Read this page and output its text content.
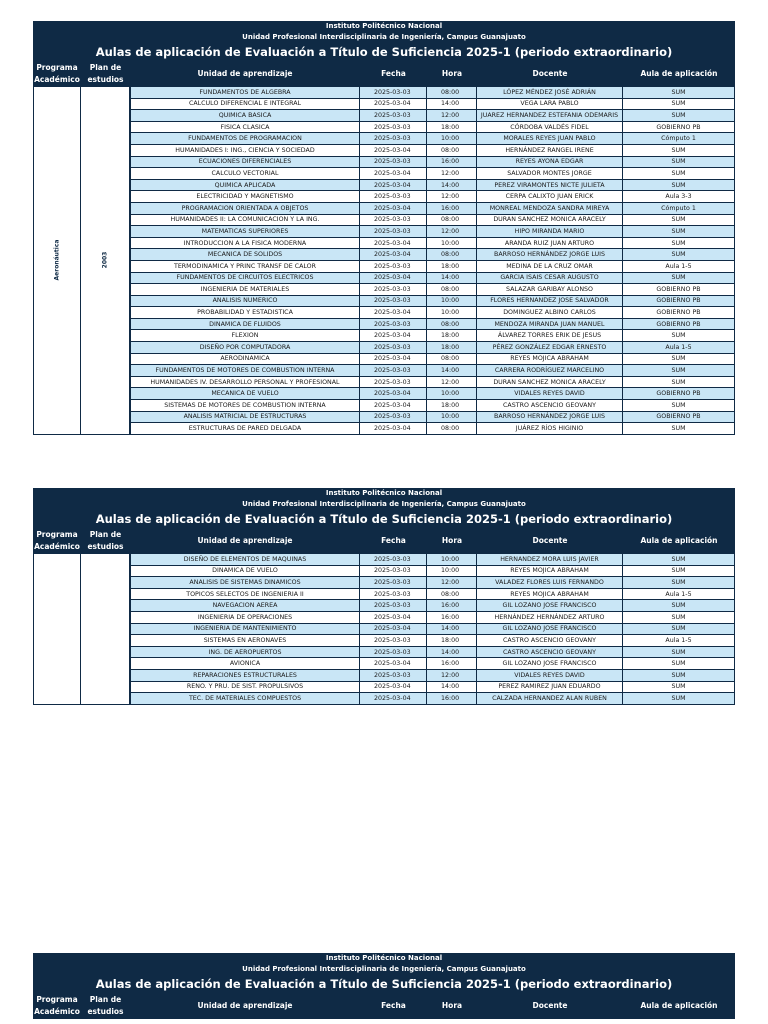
Instituto Politécnico Nacional
Unidad Profesional Interdisciplinaria de Ingeniería, Campus Guanajuato
Aulas de aplicación de Evaluación a Título de Suficiencia 2025-1 (periodo extraordinario)
Programa Académico
Plan de estudios
Unidad de aprendizaje	Fecha	Hora	Docente	Aula de aplicación
Aeronáutica	2003
FUNDAMENTOS DE ALGEBRA	2025-03-03	08:00	LÓPEZ MÉNDEZ JOSÉ ADRIÁN	SUM
CALCULO DIFERENCIAL E INTEGRAL	2025-03-04	14:00	VEGA LARA PABLO	SUM
QUIMICA BASICA	2025-03-03	12:00	JUAREZ HERNANDEZ ESTEFANIA ODEMARIS	SUM
FISICA CLASICA	2025-03-03	18:00	CÓRDOBA VALDÉS FIDEL	GOBIERNO PB
FUNDAMENTOS DE PROGRAMACION	2025-03-03	10:00	MORALES REYES JUAN PABLO	Cómputo 1
HUMANIDADES I: ING., CIENCIA Y SOCIEDAD	2025-03-04	08:00	HERNÁNDEZ RANGEL IRENE	SUM
ECUACIONES DIFERENCIALES	2025-03-03	16:00	REYES AYONA EDGAR	SUM
CALCULO VECTORIAL	2025-03-04	12:00	SALVADOR MONTES JORGE	SUM
QUIMICA APLICADA	2025-03-04	14:00	PEREZ VIRAMONTES NICTE JULIETA	SUM
ELECTRICIDAD Y MAGNETISMO	2025-03-03	12:00	CERPA CALIXTO JUAN ERICK	Aula 3-3
PROGRAMACION ORIENTADA A OBJETOS	2025-03-04	16:00	MONREAL MENDOZA SANDRA MIREYA	Cómputo 1
HUMANIDADES II: LA COMUNICACION Y LA ING.	2025-03-03	08:00	DURAN SANCHEZ MONICA ARACELY	SUM
MATEMATICAS SUPERIORES	2025-03-03	12:00	HIPO MIRANDA MARIO	SUM
INTRODUCCION A LA FISICA MODERNA	2025-03-04	10:00	ARANDA RUIZ JUAN ARTURO	SUM
MECANICA DE SOLIDOS	2025-03-04	08:00	BARROSO HERNÁNDEZ JORGE LUIS	SUM
TERMODINAMICA Y PRINC TRANSF DE CALOR	2025-03-03	18:00	MEDINA DE LA CRUZ OMAR	Aula 1-5
FUNDAMENTOS DE CIRCUITOS ELECTRICOS	2025-03-04	14:00	GARCIA ISAIS CESAR AUGUSTO	SUM
INGENIERIA DE MATERIALES	2025-03-03	08:00	SALAZAR GARIBAY ALONSO	GOBIERNO PB
ANALISIS NUMERICO	2025-03-03	10:00	FLORES HERNANDEZ JOSE SALVADOR	GOBIERNO PB
PROBABILIDAD Y ESTADISTICA	2025-03-04	10:00	DOMINGUEZ ALBINO CARLOS	GOBIERNO PB
DINAMICA DE FLUIDOS	2025-03-03	08:00	MENDOZA MIRANDA JUAN MANUEL	GOBIERNO PB
FLEXION	2025-03-04	18:00	ÁLVAREZ TORRES ERIK DE JESUS	SUM
DISEÑO POR COMPUTADORA	2025-03-03	18:00	PÉREZ GONZÁLEZ EDGAR ERNESTO	Aula 1-5
AERODINAMICA	2025-03-04	08:00	REYES MOJICA ABRAHAM	SUM
FUNDAMENTOS DE MOTORES DE COMBUSTION INTERNA	2025-03-03	14:00	CARRERA RODRÍGUEZ MARCELINO	SUM
HUMANIDADES IV. DESARROLLO PERSONAL Y PROFESIONAL	2025-03-03	12:00	DURAN SANCHEZ MONICA ARACELY	SUM
MECANICA DE VUELO	2025-03-04	10:00	VIDALES REYES DAVID	GOBIERNO PB
SISTEMAS DE MOTORES DE COMBUSTION INTERNA	2025-03-04	18:00	CASTRO ASCENCIO GEOVANY	SUM
ANALISIS MATRICIAL DE ESTRUCTURAS	2025-03-03	10:00	BARROSO HERNÁNDEZ JORGE LUIS	GOBIERNO PB
ESTRUCTURAS DE PARED DELGADA	2025-03-04	08:00	JUÁREZ RÍOS HIGINIO	SUM
Instituto Politécnico Nacional
Unidad Profesional Interdisciplinaria de Ingeniería, Campus Guanajuato
Aulas de aplicación de Evaluación a Título de Suficiencia 2025-1 (periodo extraordinario)
Programa Académico
Plan de estudios
Unidad de aprendizaje	Fecha	Hora	Docente	Aula de aplicación
DISEÑO DE ELEMENTOS DE MAQUINAS	2025-03-03	10:00	HERNANDEZ MORA LUIS JAVIER	SUM
DINAMICA DE VUELO	2025-03-03	10:00	REYES MOJICA ABRAHAM	SUM
ANALISIS DE SISTEMAS DINAMICOS	2025-03-03	12:00	VALADEZ FLORES LUIS FERNANDO	SUM
TOPICOS SELECTOS DE INGENIERIA II	2025-03-03	08:00	REYES MOJICA ABRAHAM	Aula 1-5
NAVEGACION AEREA	2025-03-03	16:00	GIL LOZANO JOSE FRANCISCO	SUM
INGENIERIA DE OPERACIONES	2025-03-04	16:00	HERNÁNDEZ HERNÁNDEZ ARTURO	SUM
INGENIERIA DE MANTENIMIENTO	2025-03-04	14:00	GIL LOZANO JOSE FRANCISCO	SUM
SISTEMAS EN AERONAVES	2025-03-03	18:00	CASTRO ASCENCIO GEOVANY	Aula 1-5
ING. DE AEROPUERTOS	2025-03-03	14:00	CASTRO ASCENCIO GEOVANY	SUM
AVIONICA	2025-03-04	16:00	GIL LOZANO JOSE FRANCISCO	SUM
REPARACIONES ESTRUCTURALES	2025-03-03	12:00	VIDALES REYES DAVID	SUM
RENO. Y PRU. DE SIST. PROPULSIVOS	2025-03-04	14:00	PEREZ RAMIREZ JUAN EDUARDO	SUM
TEC. DE MATERIALES COMPUESTOS	2025-03-04	16:00	CALZADA HERNANDEZ ALAN RUBEN	SUM
Instituto Politécnico Nacional
Unidad Profesional Interdisciplinaria de Ingeniería, Campus Guanajuato
Aulas de aplicación de Evaluación a Título de Suficiencia 2025-1 (periodo extraordinario)
Programa Académico
Plan de estudios
Unidad de aprendizaje	Fecha	Hora	Docente	Aula de aplicación
